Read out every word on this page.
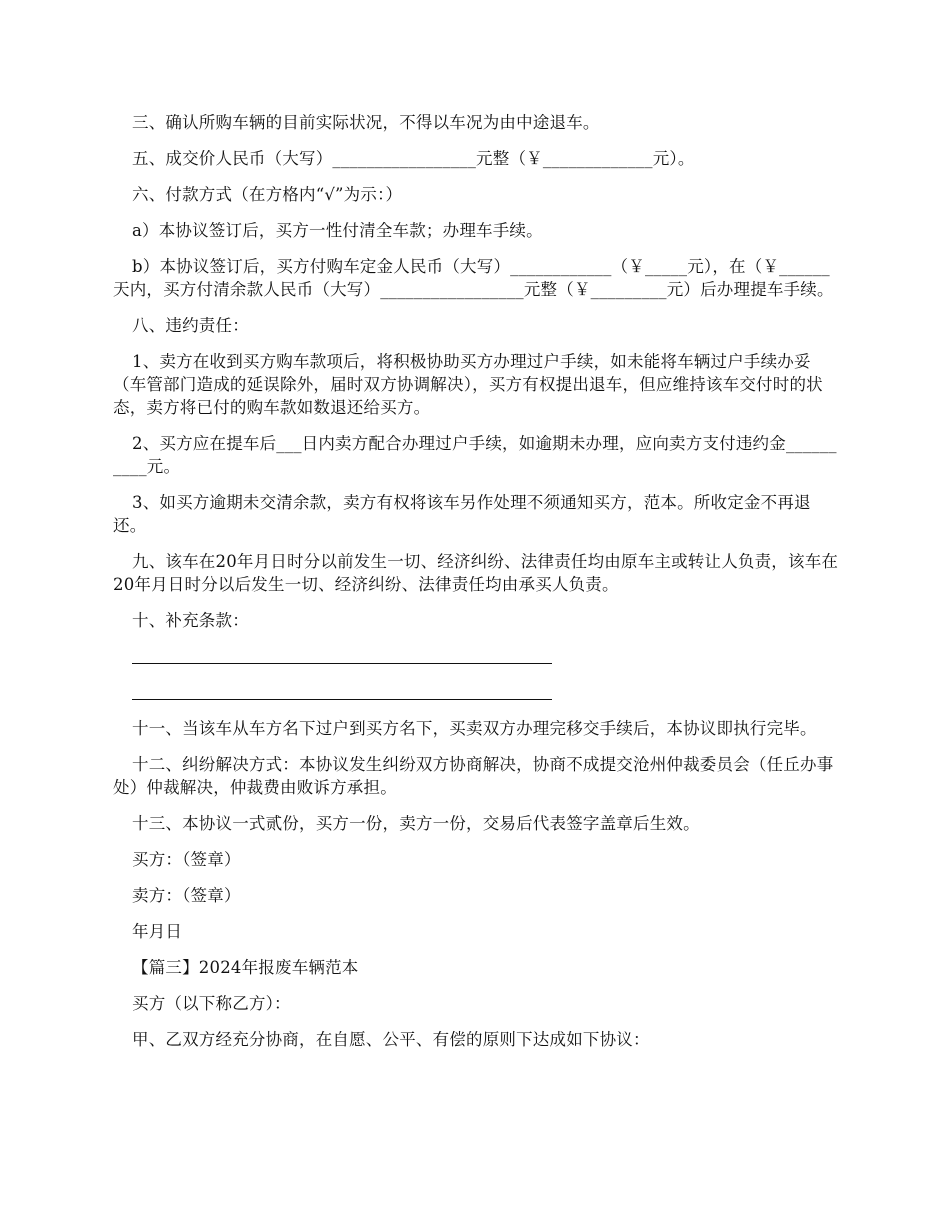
三、确认所购车辆的目前实际状况，不得以车况为由中途退车。

五、成交价人民币（大写）_________________元整（￥_____________元）。

六、付款方式（在方格内“√”为示：）

a）本协议签订后，买方一性付清全车款；办理车手续。

b）本协议签订后，买方付购车定金人民币（大写）____________（￥_____元），在（￥______天内，买方付清余款人民币（大写）_________________元整（￥_________元）后办理提车手续。

八、违约责任：

1、卖方在收到买方购车款项后，将积极协助买方办理过户手续，如未能将车辆过户手续办妥（车管部门造成的延误除外，届时双方协调解决），买方有权提出退车，但应维持该车交付时的状态，卖方将已付的购车款如数退还给买方。

2、买方应在提车后___日内卖方配合办理过户手续，如逾期未办理，应向卖方支付违约金__________元。

3、如买方逾期未交清余款，卖方有权将该车另作处理不须通知买方，范本。所收定金不再退还。

九、该车在20年月日时分以前发生一切、经济纠纷、法律责任均由原车主或转让人负责，该车在20年月日时分以后发生一切、经济纠纷、法律责任均由承买人负责。

十、补充条款：

十一、当该车从车方名下过户到买方名下，买卖双方办理完移交手续后，本协议即执行完毕。

十二、纠纷解决方式：本协议发生纠纷双方协商解决，协商不成提交沧州仲裁委员会（任丘办事处）仲裁解决，仲裁费由败诉方承担。

十三、本协议一式贰份，买方一份，卖方一份，交易后代表签字盖章后生效。

买方：（签章）

卖方：（签章）

年月日

【篇三】2024年报废车辆范本

买方（以下称乙方）：

甲、乙双方经充分协商，在自愿、公平、有偿的原则下达成如下协议：
